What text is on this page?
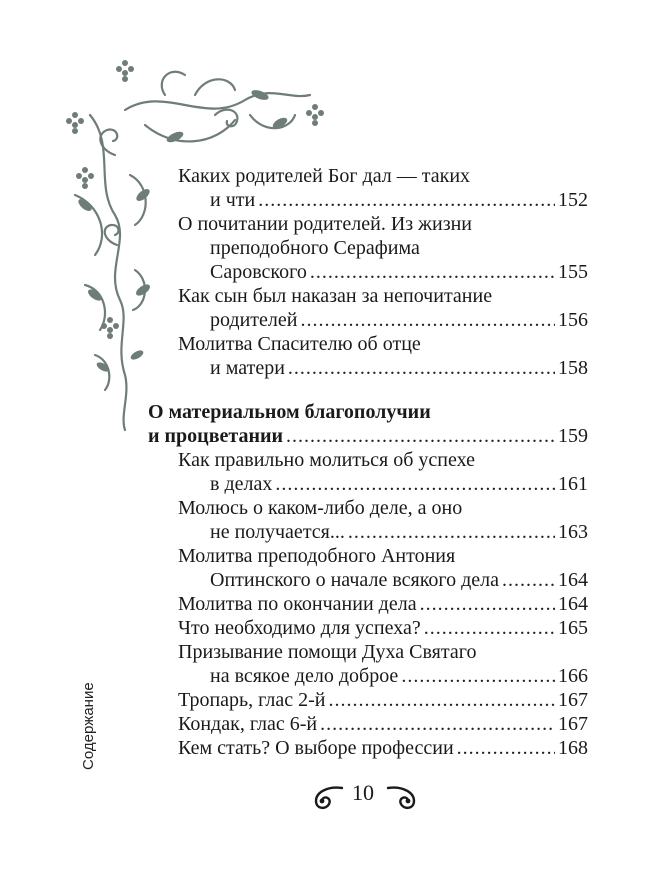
Каких родителей Бог дал — таких
и чти .....	152
О почитании родителей. Из жизни
преподобного Серафима
Саровского .....	155
Как сын был наказан за непочитание
родителей .....	156
Молитва Спасителю об отце
и матери .....	158
О материальном благополучии
и процветании .....	159
Как правильно молиться об успехе
в делах .....	161
Молюсь о каком-либо деле, а оно
не получается... .....	163
Молитва преподобного Антония
Оптинского о начале всякого дела .....	164
Молитва по окончании дела .....	164
Что необходимо для успеха? .....	165
Призывание помощи Духа Святаго
на всякое дело доброе .....	166
Тропарь, глас 2-й .....	167
Кондак, глас 6-й .....	167
Кем стать? О выборе профессии .....	168
Содержание
10
